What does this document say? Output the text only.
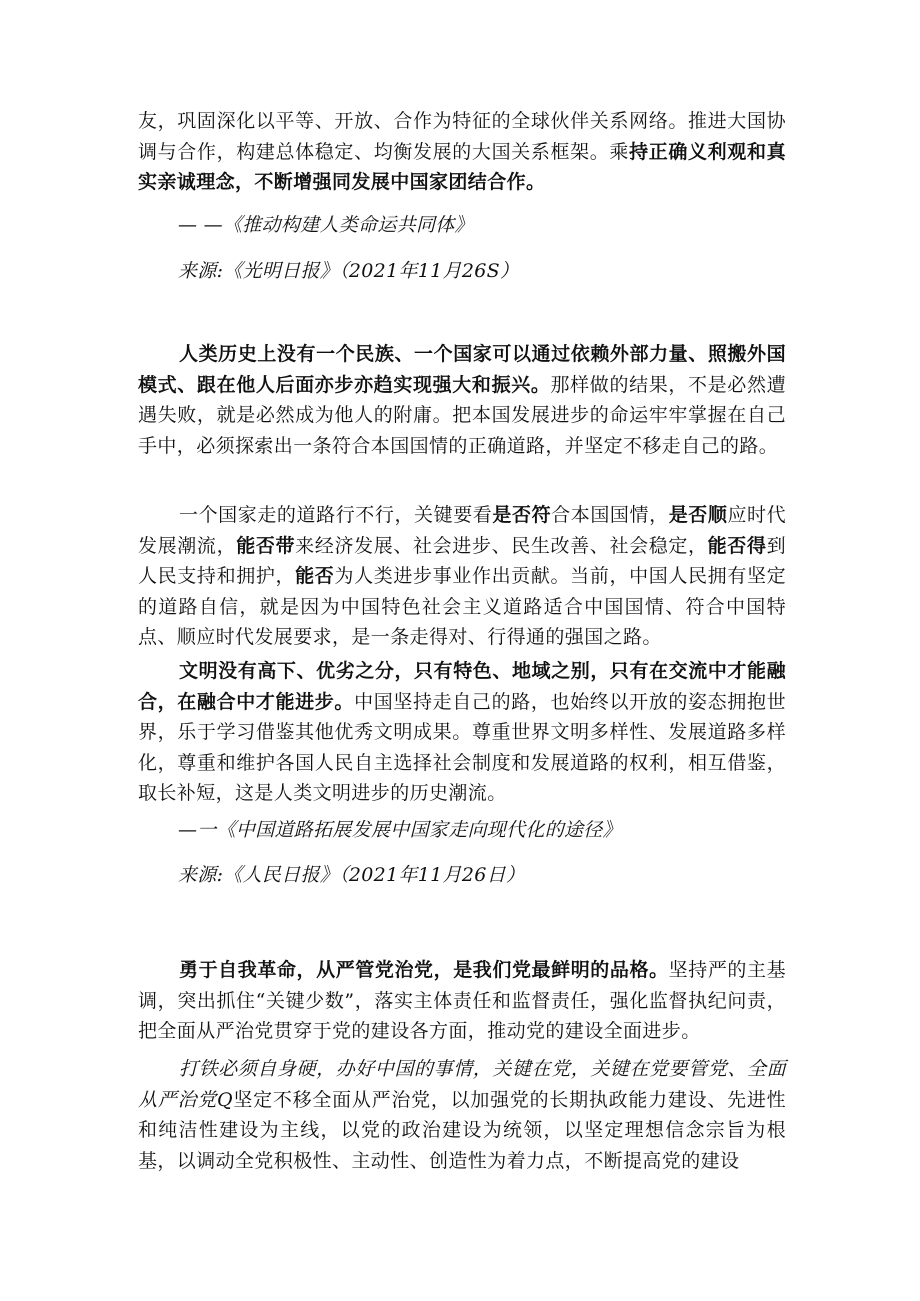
友，巩固深化以平等、开放、合作为特征的全球伙伴关系网络。推进大国协调与合作，构建总体稳定、均衡发展的大国关系框架。乘持正确义利观和真实亲诚理念，不断增强同发展中国家团结合作。

— —《推动构建人类命运共同体》

来源:《光明日报》（2021年11月26S）

人类历史上没有一个民族、一个国家可以通过依赖外部力量、照搬外国模式、跟在他人后面亦步亦趋实现强大和振兴。那样做的结果，不是必然遭遇失败，就是必然成为他人的附庸。把本国发展进步的命运牢牢掌握在自己手中，必须探索出一条符合本国国情的正确道路，并坚定不移走自己的路。

一个国家走的道路行不行，关键要看是否符合本国国情，是否顺应时代发展潮流，能否带来经济发展、社会进步、民生改善、社会稳定，能否得到人民支持和拥护，能否为人类进步事业作出贡献。当前，中国人民拥有坚定的道路自信，就是因为中国特色社会主义道路适合中国国情、符合中国特点、顺应时代发展要求，是一条走得对、行得通的强国之路。

文明没有高下、优劣之分，只有特色、地域之别，只有在交流中才能融合，在融合中才能进步。中国坚持走自己的路，也始终以开放的姿态拥抱世界，乐于学习借鉴其他优秀文明成果。尊重世界文明多样性、发展道路多样化，尊重和维护各国人民自主选择社会制度和发展道路的权利，相互借鉴，取长补短，这是人类文明进步的历史潮流。

—一《中国道路拓展发展中国家走向现代化的途径》

来源:《人民日报》（2021年11月26日）

勇于自我革命，从严管党治党，是我们党最鲜明的品格。坚持严的主基调，突出抓住“关键少数”，落实主体责任和监督责任，强化监督执纪问责，把全面从严治党贯穿于党的建设各方面，推动党的建设全面进步。

打铁必须自身硬，办好中国的事情，关键在党，关键在党要管党、全面从严治党Q坚定不移全面从严治党，以加强党的长期执政能力建设、先进性和纯洁性建设为主线，以党的政治建设为统领，以坚定理想信念宗旨为根基，以调动全党积极性、主动性、创造性为着力点，不断提高党的建设
